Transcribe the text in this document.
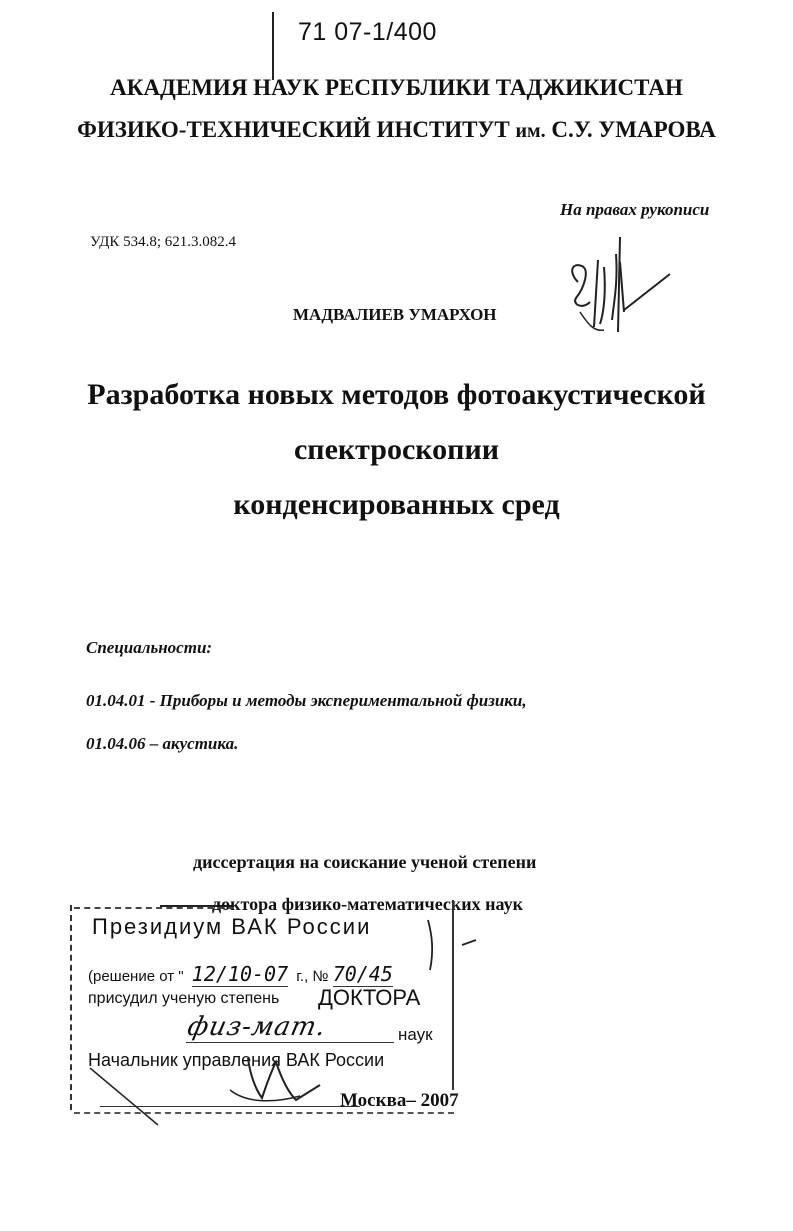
71 07-1/400
АКАДЕМИЯ НАУК РЕСПУБЛИКИ ТАДЖИКИСТАН
ФИЗИКО-ТЕХНИЧЕСКИЙ ИНСТИТУТ им. С.У. УМАРОВА
На правах рукописи
УДК 534.8; 621.3.082.4
МАДВАЛИЕВ УМАРХОН
Разработка новых методов фотоакустической
спектроскопии
конденсированных сред
Специальности:
01.04.01 - Приборы и методы экспериментальной физики,
01.04.06 – акустика.
диссертация на соискание ученой степени
доктора физико-математических наук
Президиум ВАК России
(решение от " 12/10-07 г., № 70/45
присудил ученую степень ДОКТОРА
физ-мат.	наук
Начальник управления ВАК России
Москва– 2007
